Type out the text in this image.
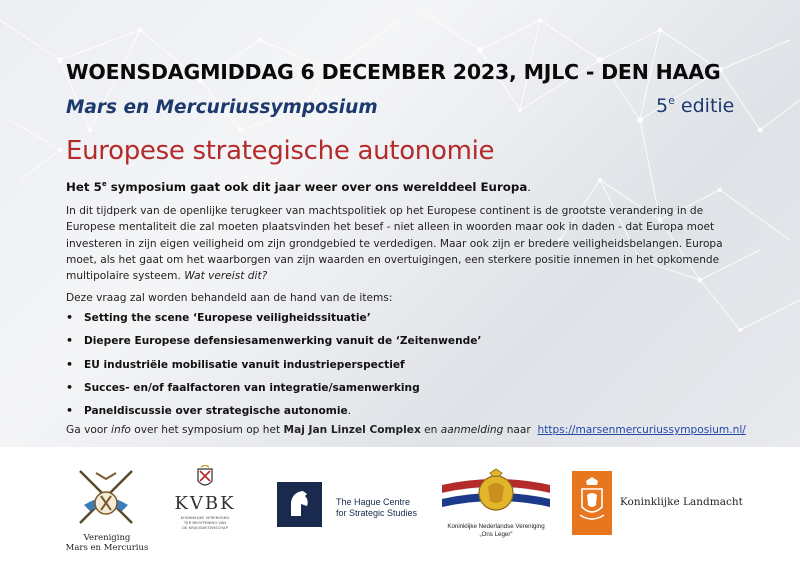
WOENSDAGMIDDAG 6 DECEMBER 2023, MJLC - DEN HAAG
Mars en Mercuriussymposium	5e editie
Europese strategische autonomie
Het 5e symposium gaat ook dit jaar weer over ons werelddeel Europa.

In dit tijdperk van de openlijke terugkeer van machtspolitiek op het Europese continent is de grootste verandering in de Europese mentaliteit die zal moeten plaatsvinden het besef - niet alleen in woorden maar ook in daden - dat Europa moet investeren in zijn eigen veiligheid om zijn grondgebied te verdedigen. Maar ook zijn er bredere veiligheidsbelangen. Europa moet, als het gaat om het waarborgen van zijn waarden en overtuigingen, een sterkere positie innemen in het opkomende multipolaire systeem. Wat vereist dit?

Deze vraag zal worden behandeld aan de hand van de items:
• Setting the scene ‘Europese veiligheidssituatie’
• Diepere Europese defensiesamenwerking vanuit de ‘Zeitenwende’
• EU industriële mobilisatie vanuit industrieperspectief
• Succes- en/of faalfactoren van integratie/samenwerking
• Paneldiscussie over strategische autonomie.
Ga voor info over het symposium op het Maj Jan Linzel Complex en aanmelding naar  https://marsenmercuriussymposium.nl/
Vereniging
Mars en Mercurius
KVBK
KONINKLIJKE VERENIGING
TER BEOEFENING VAN
DE KRIJGSWETENSCHAP
The Hague Centre
for Strategic Studies
Koninklijke Nederlandse Vereniging
„Ons Leger”
Koninklijke Landmacht
